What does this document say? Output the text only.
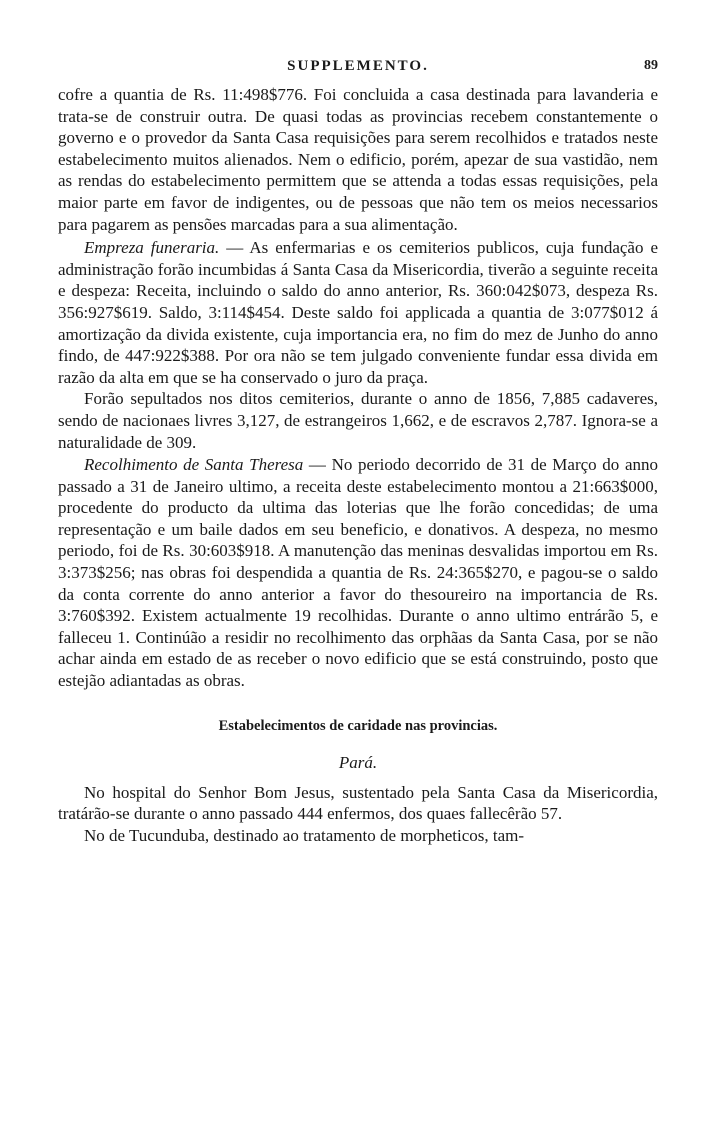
SUPPLEMENTO.	89

cofre a quantia de Rs. 11:498$776. Foi concluida a casa destinada para lavanderia e trata-se de construir outra. De quasi todas as provincias recebem constantemente o governo e o provedor da Santa Casa requisições para serem recolhidos e tratados neste estabelecimento muitos alienados. Nem o edificio, porém, apezar de sua vastidão, nem as rendas do estabelecimento permittem que se attenda a todas essas requisições, pela maior parte em favor de indigentes, ou de pessoas que não tem os meios necessarios para pagarem as pensões marcadas para a sua alimentação.

Empreza funeraria. — As enfermarias e os cemiterios publicos, cuja fundação e administração forão incumbidas á Santa Casa da Misericordia, tiverão a seguinte receita e despeza: Receita, incluindo o saldo do anno anterior, Rs. 360:042$073, despeza Rs. 356:927$619. Saldo, 3:114$454. Deste saldo foi applicada a quantia de 3:077$012 á amortização da divida existente, cuja importancia era, no fim do mez de Junho do anno findo, de 447:922$388. Por ora não se tem julgado conveniente fundar essa divida em razão da alta em que se ha conservado o juro da praça.

Forão sepultados nos ditos cemiterios, durante o anno de 1856, 7,885 cadaveres, sendo de nacionaes livres 3,127, de estrangeiros 1,662, e de escravos 2,787. Ignora-se a naturalidade de 309.

Recolhimento de Santa Theresa — No periodo decorrido de 31 de Março do anno passado a 31 de Janeiro ultimo, a receita deste estabelecimento montou a 21:663$000, procedente do producto da ultima das loterias que lhe forão concedidas; de uma representação e um baile dados em seu beneficio, e donativos. A despeza, no mesmo periodo, foi de Rs. 30:603$918. A manutenção das meninas desvalidas importou em Rs. 3:373$256; nas obras foi despendida a quantia de Rs. 24:365$270, e pagou-se o saldo da conta corrente do anno anterior a favor do thesoureiro na importancia de Rs. 3:760$392. Existem actualmente 19 recolhidas. Durante o anno ultimo entrárão 5, e falleceu 1. Continúão a residir no recolhimento das orphãas da Santa Casa, por se não achar ainda em estado de as receber o novo edificio que se está construindo, posto que estejão adiantadas as obras.

Estabelecimentos de caridade nas provincias.
Pará.

No hospital do Senhor Bom Jesus, sustentado pela Santa Casa da Misericordia, tratárão-se durante o anno passado 444 enfermos, dos quaes fallecêrão 57.

No de Tucunduba, destinado ao tratamento de morpheticos, tam-
